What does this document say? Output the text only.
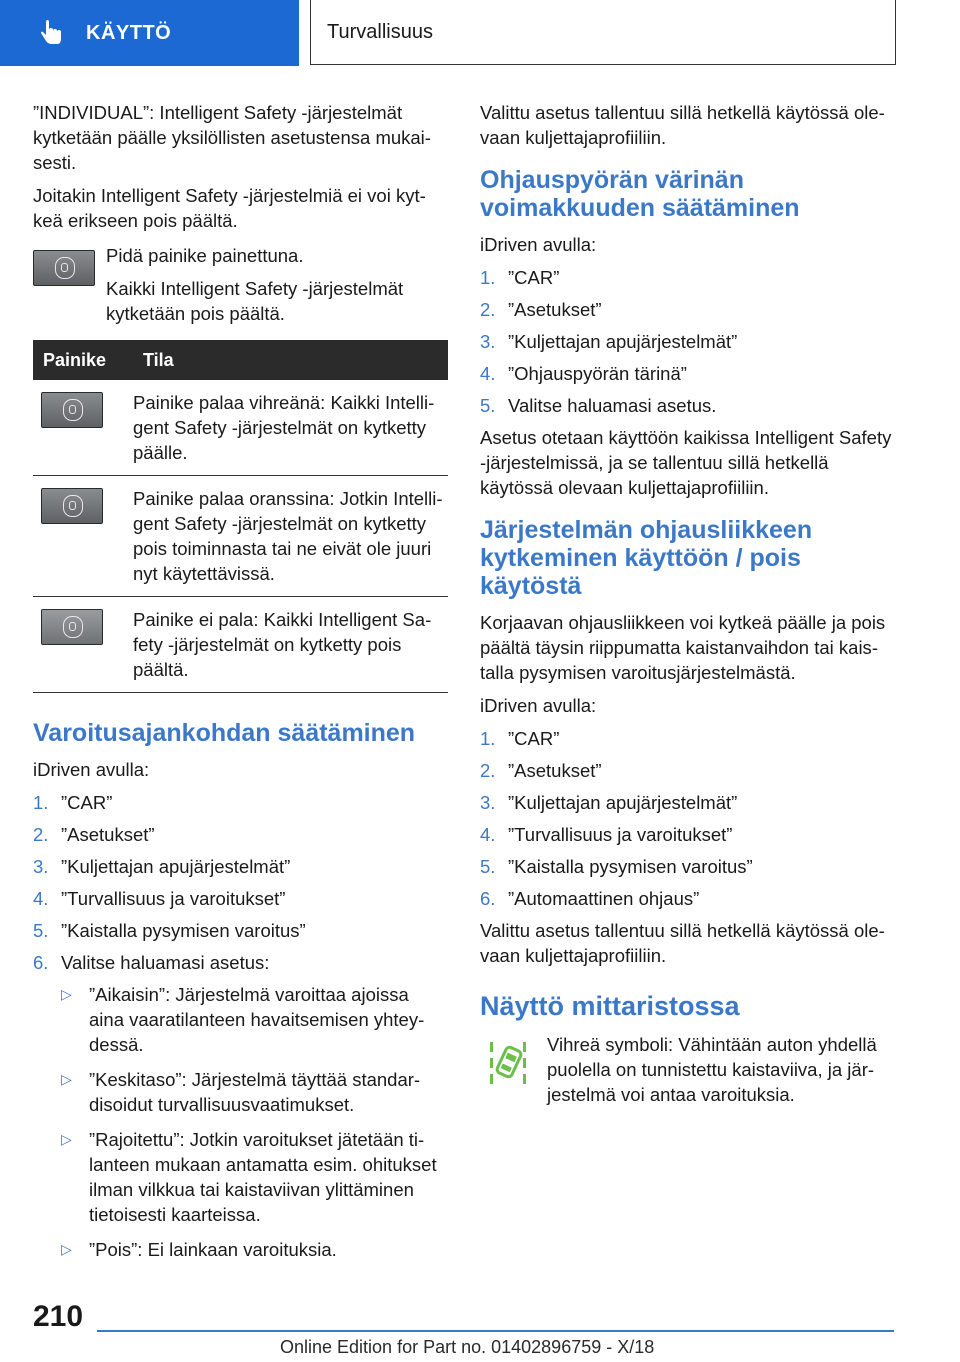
KÄYTTÖ	Turvallisuus

”INDIVIDUAL”: Intelligent Safety -järjestelmät kytketään päälle yksilöllisten asetustensa mukaisesti.

Joitakin Intelligent Safety -järjestelmiä ei voi kytkeä erikseen pois päältä.

Pidä painike painettuna.

Kaikki Intelligent Safety -järjestelmät kytketään pois päältä.

Painike	Tila

	Painike palaa vihreänä: Kaikki Intelligent Safety -järjestelmät on kytketty päälle.

	Painike palaa oranssina: Jotkin Intelligent Safety -järjestelmät on kytketty pois toiminnasta tai ne eivät ole juuri nyt käytettävissä.

	Painike ei pala: Kaikki Intelligent Safety -järjestelmät on kytketty pois päältä.
Varoitusajankohdan säätäminen

iDriven avulla:

1. ”CAR”
2. ”Asetukset”
3. ”Kuljettajan apujärjestelmät”
4. ”Turvallisuus ja varoitukset”
5. ”Kaistalla pysymisen varoitus”
6. Valitse haluamasi asetus:
▷ ”Aikaisin”: Järjestelmä varoittaa ajoissa aina vaaratilanteen havaitsemisen yhteydessä.
▷ ”Keskitaso”: Järjestelmä täyttää standardisoidut turvallisuusvaatimukset.
▷ ”Rajoitettu”: Jotkin varoitukset jätetään tilanteen mukaan antamatta esim. ohitukset ilman vilkkua tai kaistaviivan ylittäminen tietoisesti kaarteissa.
▷ ”Pois”: Ei lainkaan varoituksia.

Valittu asetus tallentuu sillä hetkellä käytössä olevaan kuljettajaprofiiliin.

Ohjauspyörän värinän voimakkuuden säätäminen

iDriven avulla:

1. ”CAR”
2. ”Asetukset”
3. ”Kuljettajan apujärjestelmät”
4. ”Ohjauspyörän tärinä”
5. Valitse haluamasi asetus.

Asetus otetaan käyttöön kaikissa Intelligent Safety -järjestelmissä, ja se tallentuu sillä hetkellä käytössä olevaan kuljettajaprofiiliin.

Järjestelmän ohjausliikkeen kytkeminen käyttöön / pois käytöstä

Korjaavan ohjausliikkeen voi kytkeä päälle ja pois päältä täysin riippumatta kaistanvaihdon tai kaistalla pysymisen varoitusjärjestelmästä.

iDriven avulla:

1. ”CAR”
2. ”Asetukset”
3. ”Kuljettajan apujärjestelmät”
4. ”Turvallisuus ja varoitukset”
5. ”Kaistalla pysymisen varoitus”
6. ”Automaattinen ohjaus”

Valittu asetus tallentuu sillä hetkellä käytössä olevaan kuljettajaprofiiliin.

Näyttö mittaristossa

Vihreä symboli: Vähintään auton yhdellä puolella on tunnistettu kaistaviiva, ja järjestelmä voi antaa varoituksia.

210
Online Edition for Part no. 01402896759 - X/18
